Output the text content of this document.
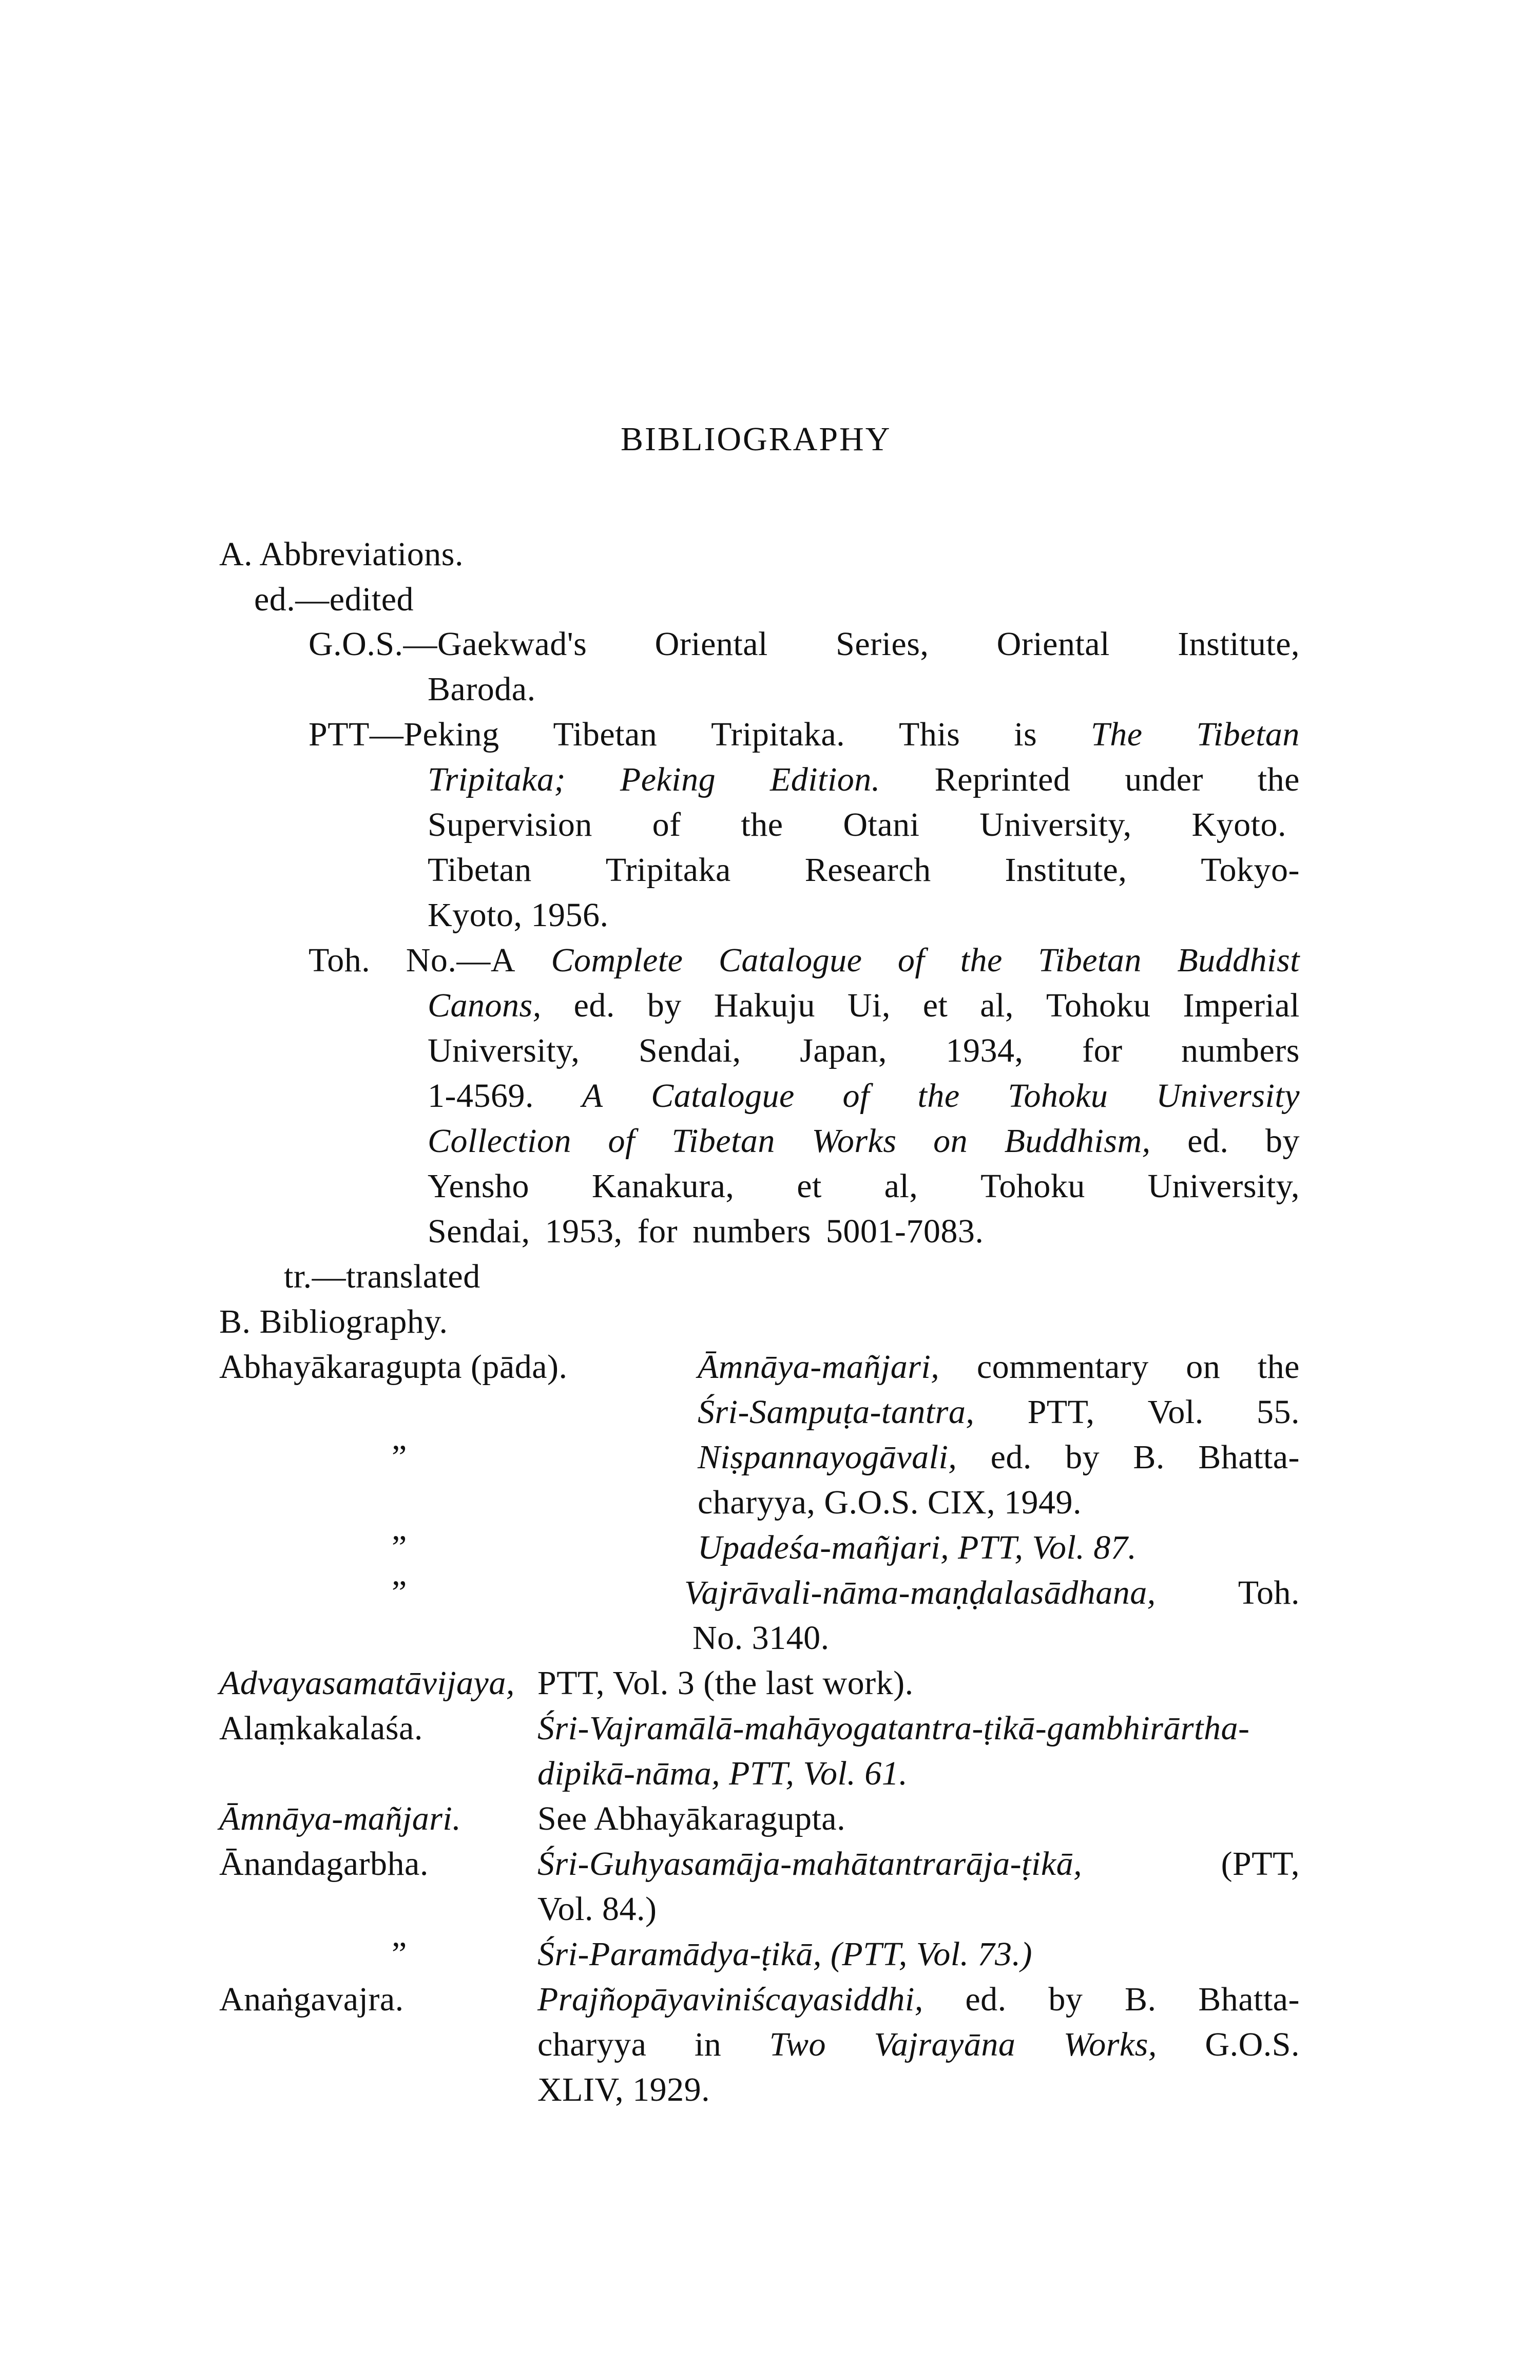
BIBLIOGRAPHY
A. Abbreviations.
ed.—edited
G.O.S.—Gaekwad's Oriental Series, Oriental Institute,
Baroda.
PTT—Peking Tibetan Tripitaka. This is The Tibetan
Tripitaka; Peking Edition. Reprinted under the
Supervision of the Otani University, Kyoto.
Tibetan Tripitaka Research Institute, Tokyo-
Kyoto, 1956.
Toh. No.—A Complete Catalogue of the Tibetan Buddhist
Canons, ed. by Hakuju Ui, et al, Tohoku Imperial
University, Sendai, Japan, 1934, for numbers
1-4569. A Catalogue of the Tohoku University
Collection of Tibetan Works on Buddhism, ed. by
Yensho Kanakura, et al, Tohoku University,
Sendai, 1953, for numbers 5001-7083.
tr.—translated
B. Bibliography.
Abhayākaragupta (pāda).	Āmnāya-mañjari, commentary on the
Śri-Sampuṭa-tantra, PTT, Vol. 55.
”	Niṣpannayogāvali, ed. by B. Bhatta-
charyya, G.O.S. CIX, 1949.
”	Upadeśa-mañjari, PTT, Vol. 87.
”	Vajrāvali-nāma-maṇḍalasādhana, Toh.
No. 3140.
Advayasamatāvijaya, PTT, Vol. 3 (the last work).
Alaṃkakalaśa.	Śri-Vajramālā-mahāyogatantra-ṭikā-gambhirārtha-
dipikā-nāma, PTT, Vol. 61.
Āmnāya-mañjari. See Abhayākaragupta.
Ānandagarbha.	Śri-Guhyasamāja-mahātantrarāja-ṭikā,	(PTT,
Vol. 84.)
”	Śri-Paramādya-ṭikā, (PTT, Vol. 73.)
Anaṅgavajra.	Prajñopāyaviniścayasiddhi, ed. by B. Bhatta-
charyya in Two Vajrayāna Works, G.O.S.
XLIV, 1929.
